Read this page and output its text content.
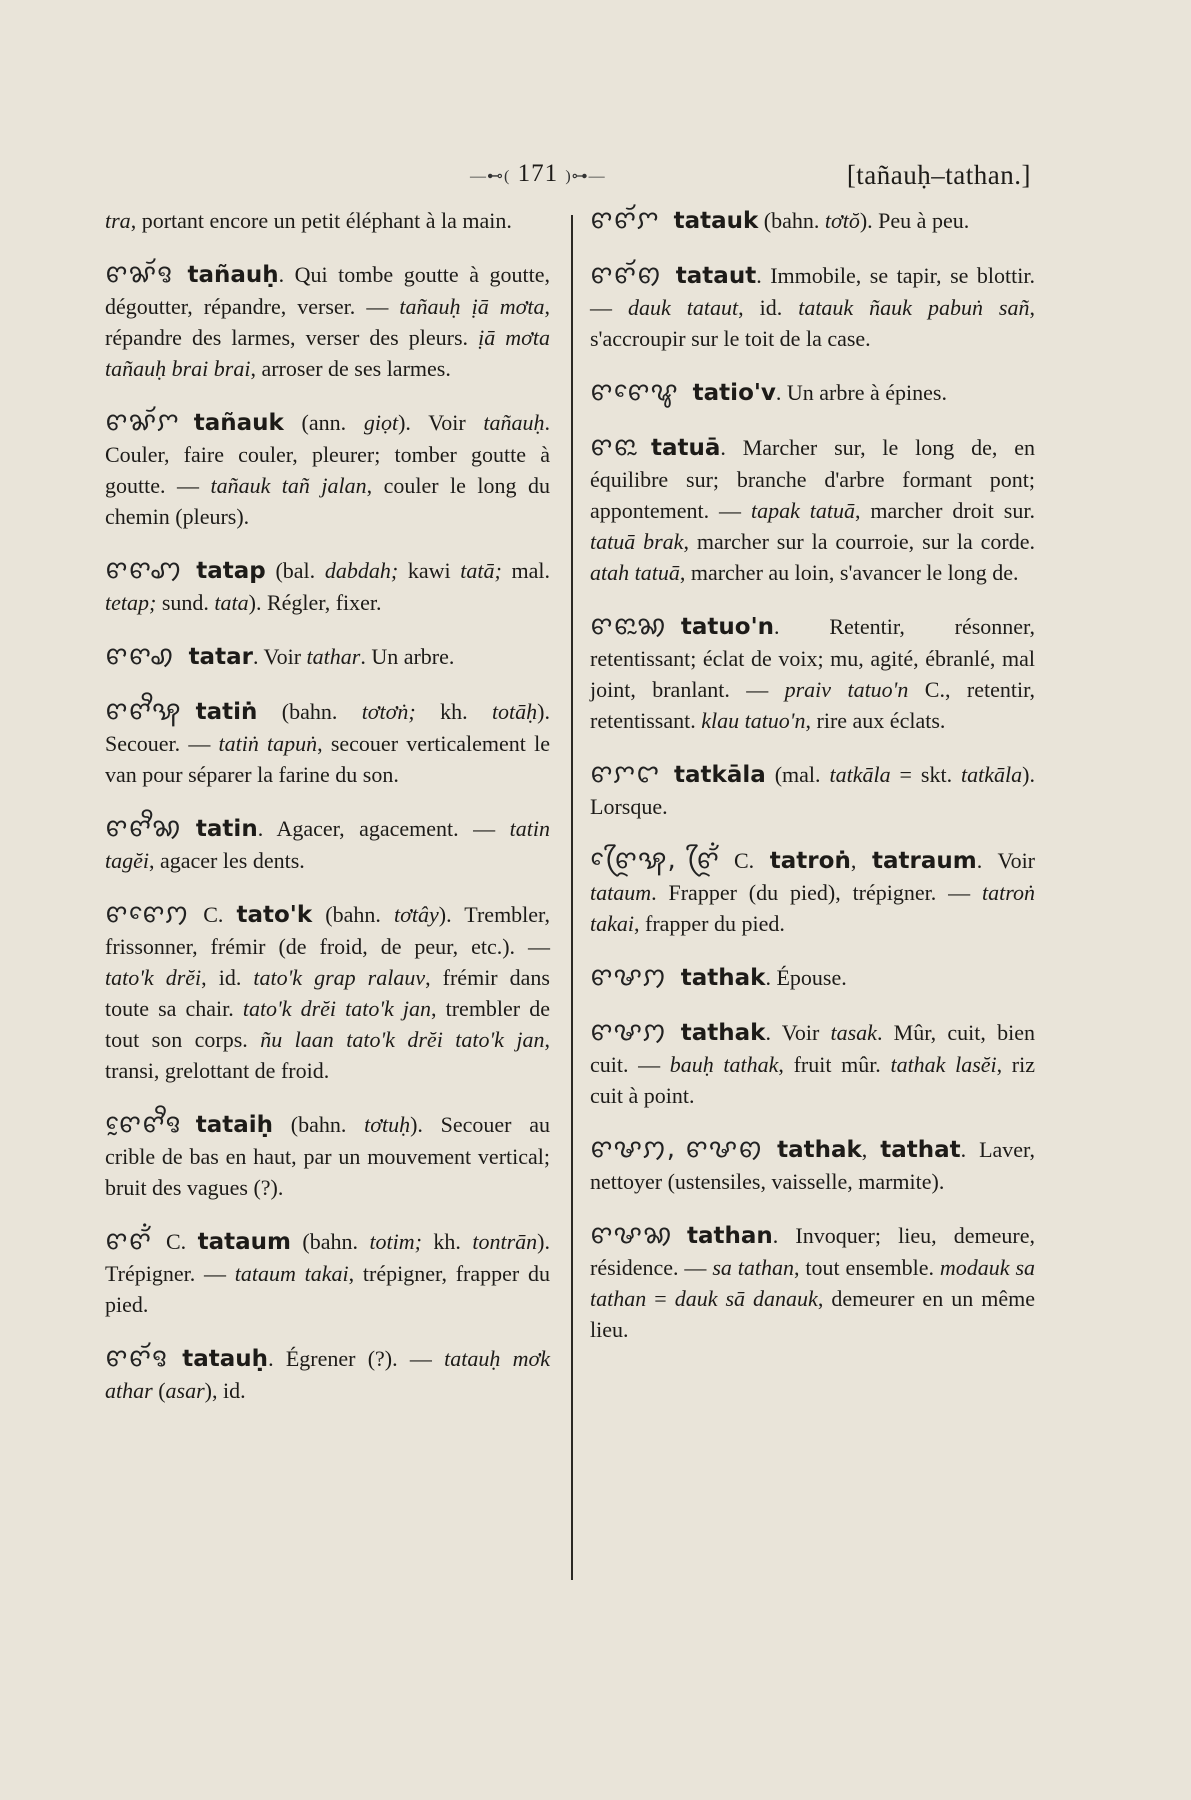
—⊷( 171 )⊶—	[tañauḥ–tathan.]

tra, portant encore un petit éléphant à la main.

ꨓꨗꨮꨅ tañauḥ. Qui tombe goutte à goutte, dégoutter, répandre, verser. — tañauḥ ịā mơta, répandre des larmes, verser des pleurs. ịā mơta tañauḥ brai brai, arroser de ses larmes.

ꨓꨗꨮꨆ tañauk (ann. giọt). Voir tañauḥ. Couler, faire couler, pleurer; tomber goutte à goutte. — tañauk tañ jalan, couler le long du chemin (pleurs).

ꨓꨓꩇ tatap (bal. dabdah; kawi tatā; mal. tetap; sund. tata). Régler, fixer.

ꨓꨓꩉ tatar. Voir tathar. Un arbre.

ꨓꨓꨪꩂ tatiṅ (bahn. tơtơṅ; kh. totāḥ). Secouer. — tatiṅ tapuṅ, secouer verticalement le van pour séparer la farine du son.

ꨓꨓꨪꩆ tatin. Agacer, agacement. — tatin tagĕi, agacer les dents.

ꨓꨓꨯꩀ C. tato'k (bahn. tơtây). Trembler, frissonner, frémir (de froid, de peur, etc.). — tato'k drĕi, id. tato'k grap ralauv, frémir dans toute sa chair. tato'k drĕi tato'k jan, trembler de tout son corps. ñu laan tato'k drĕi tato'k jan, transi, grelottant de froid.

ꨓꨰꨓꨪꨅ tataiḥ (bahn. tơtuḥ). Secouer au crible de bas en haut, par un mouvement vertical; bruit des vagues (?).

ꨓꨓꨮꩌ C. tataum (bahn. totim; kh. tontrān). Trépigner. — tataum takai, trépigner, frapper du pied.

ꨓꨓꨮꨅ tatauḥ. Égrener (?). — tatauḥ mơk athar (asar), id.

ꨓꨓꨮꨆ tatauk (bahn. tơtŏ). Peu à peu.

ꨓꨓꨮꩅ tataut. Immobile, se tapir, se blottir. — dauk tataut, id. tatauk ñauk pabuṅ sañ, s'accroupir sur le toit de la case.

ꨓꨓꨯꨥ tatio'v. Un arbre à épines.

ꨓꨓꨭ tatuā. Marcher sur, le long de, en équilibre sur; branche d'arbre formant pont; appontement. — tapak tatuā, marcher droit sur. tatuā brak, marcher sur la courroie, sur la corde. atah tatuā, marcher au loin, s'avancer le long de.

ꨓꨓꨭꩆ tatuo'n. Retentir, résonner, retentissant; éclat de voix; mu, agité, ébranlé, mal joint, branlant. — praiv tatuo'n C., retentir, retentissant. klau tatuo'n, rire aux éclats.

ꨓꨆꨤ tatkāla (mal. tatkāla = skt. tatkāla). Lorsque.

ꨓꨴꨯꩂ, ꨓꨴꨮꩌ C. tatroṅ, tatraum. Voir tataum. Frapper (du pied), trépigner. — tatroṅ takai, frapper du pied.

ꨓꨔꩀ tathak. Épouse.

ꨓꨔꩀ tathak. Voir tasak. Mûr, cuit, bien cuit. — bauḥ tathak, fruit mûr. tathak lasĕi, riz cuit à point.

ꨓꨔꩀ, ꨓꨔꩅ tathak, tathat. Laver, nettoyer (ustensiles, vaisselle, marmite).

ꨓꨔꩆ tathan. Invoquer; lieu, demeure, résidence. — sa tathan, tout ensemble. modauk sa tathan = dauk sā danauk, demeurer en un même lieu.
